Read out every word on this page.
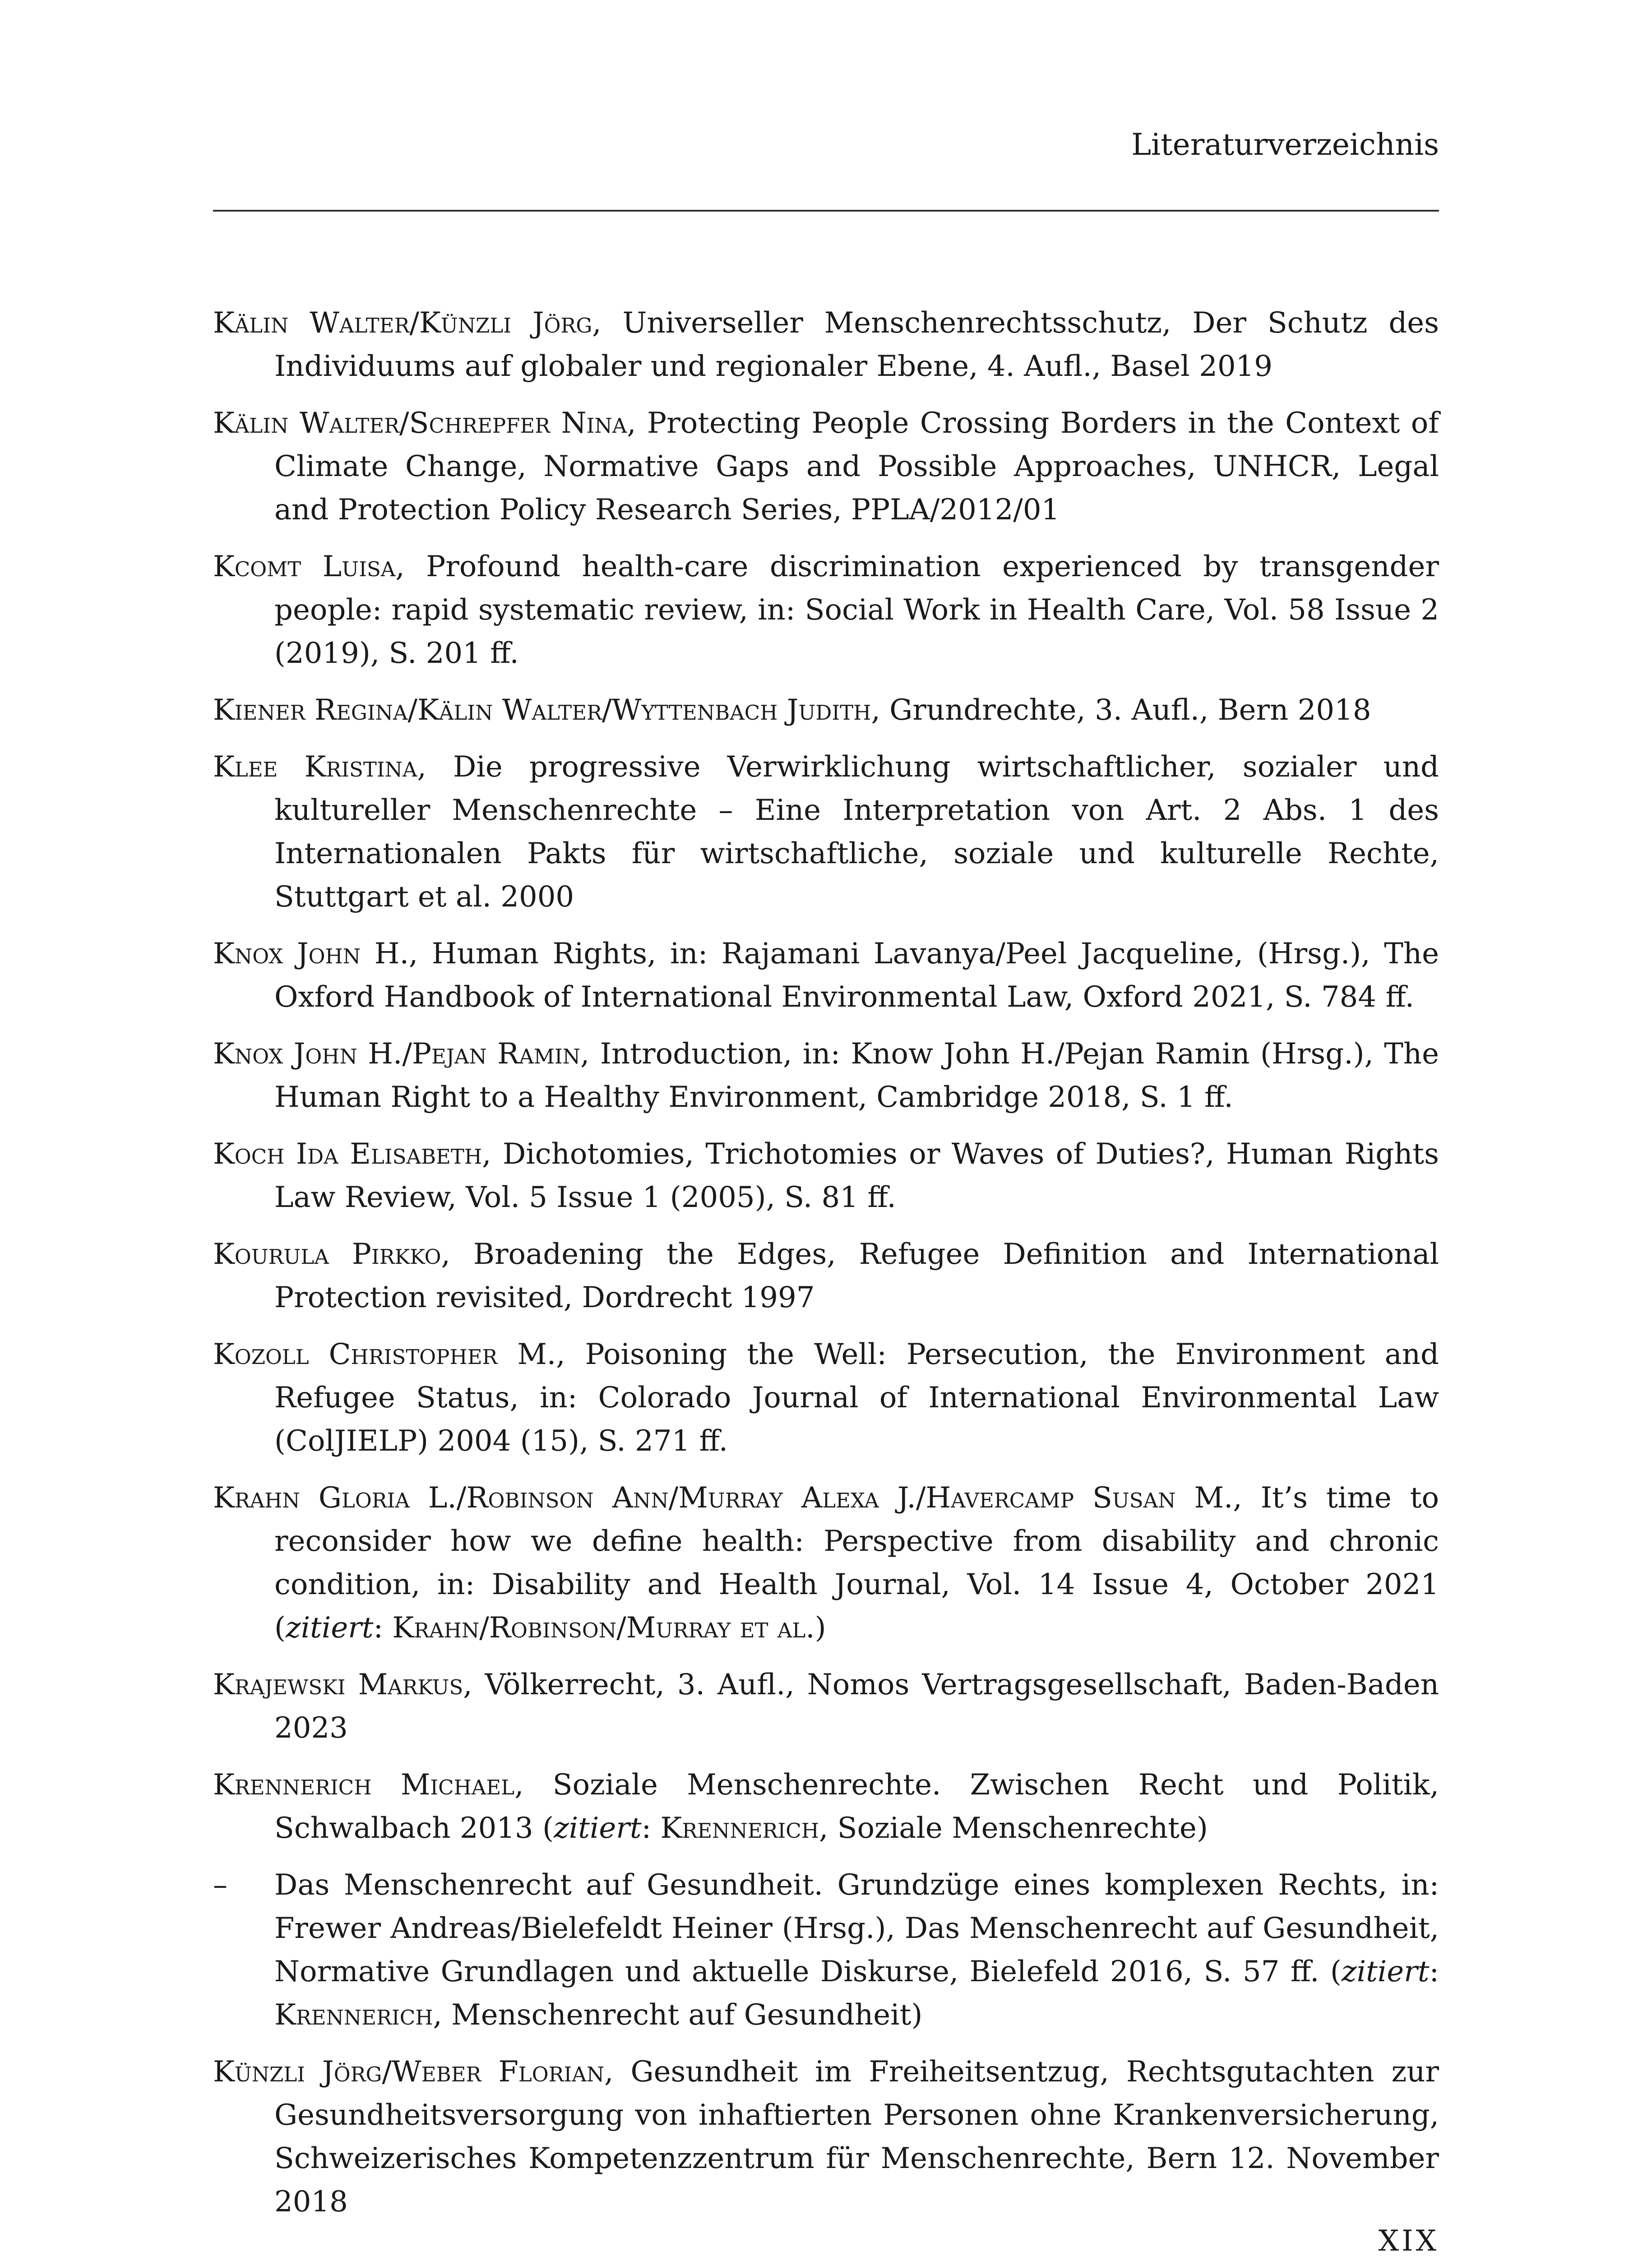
Literaturverzeichnis
Kälin Walter/Künzli Jörg, Universeller Menschenrechtsschutz, Der Schutz des Individuums auf globaler und regionaler Ebene, 4. Aufl., Basel 2019
Kälin Walter/Schrepfer Nina, Protecting People Crossing Borders in the Context of Climate Change, Normative Gaps and Possible Approaches, UNHCR, Legal and Protection Policy Research Series, PPLA/2012/01
Kcomt Luisa, Profound health-care discrimination experienced by transgender people: rapid systematic review, in: Social Work in Health Care, Vol. 58 Issue 2 (2019), S. 201 ff.
Kiener Regina/Kälin Walter/Wyttenbach Judith, Grundrechte, 3. Aufl., Bern 2018
Klee Kristina, Die progressive Verwirklichung wirtschaftlicher, sozialer und kultureller Menschenrechte – Eine Interpretation von Art. 2 Abs. 1 des Internationalen Pakts für wirtschaftliche, soziale und kulturelle Rechte, Stuttgart et al. 2000
Knox John H., Human Rights, in: Rajamani Lavanya/Peel Jacqueline, (Hrsg.), The Oxford Handbook of International Environmental Law, Oxford 2021, S. 784 ff.
Knox John H./Pejan Ramin, Introduction, in: Know John H./Pejan Ramin (Hrsg.), The Human Right to a Healthy Environment, Cambridge 2018, S. 1 ff.
Koch Ida Elisabeth, Dichotomies, Trichotomies or Waves of Duties?, Human Rights Law Review, Vol. 5 Issue 1 (2005), S. 81 ff.
Kourula Pirkko, Broadening the Edges, Refugee Definition and International Protection revisited, Dordrecht 1997
Kozoll Christopher M., Poisoning the Well: Persecution, the Environment and Refugee Status, in: Colorado Journal of International Environmental Law (ColJIELP) 2004 (15), S. 271 ff.
Krahn Gloria L./Robinson Ann/Murray Alexa J./Havercamp Susan M., It’s time to reconsider how we define health: Perspective from disability and chronic condition, in: Disability and Health Journal, Vol. 14 Issue 4, October 2021 (zitiert: Krahn/Robinson/Murray et al.)
Krajewski Markus, Völkerrecht, 3. Aufl., Nomos Vertragsgesellschaft, Baden-Baden 2023
Krennerich Michael, Soziale Menschenrechte. Zwischen Recht und Politik, Schwalbach 2013 (zitiert: Krennerich, Soziale Menschenrechte)
– Das Menschenrecht auf Gesundheit. Grundzüge eines komplexen Rechts, in: Frewer Andreas/Bielefeldt Heiner (Hrsg.), Das Menschenrecht auf Gesundheit, Normative Grundlagen und aktuelle Diskurse, Bielefeld 2016, S. 57 ff. (zitiert: Krennerich, Menschenrecht auf Gesundheit)
Künzli Jörg/Weber Florian, Gesundheit im Freiheitsentzug, Rechtsgutachten zur Gesundheitsversorgung von inhaftierten Personen ohne Krankenversicherung, Schweizerisches Kompetenzzentrum für Menschenrechte, Bern 12. November 2018
XIX
